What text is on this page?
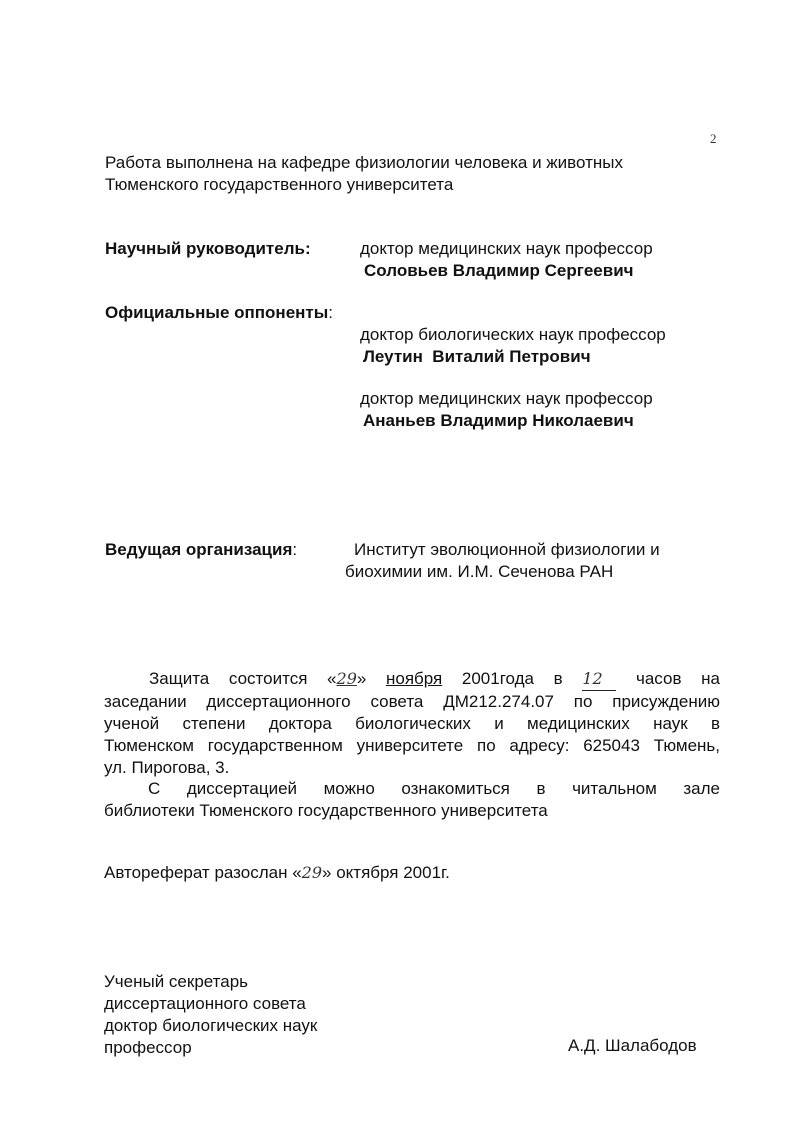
2
Работа выполнена на кафедре физиологии человека и животных
Тюменского государственного университета
Научный руководитель:	доктор медицинских наук профессор
Соловьев Владимир Сергеевич
Официальные оппоненты:
доктор биологических наук профессор
Леутин  Виталий Петрович
доктор медицинских наук профессор
Ананьев Владимир Николаевич
Ведущая организация:	Институт эволюционной физиологии и
биохимии им. И.М. Сеченова РАН
Защита состоится «29» ноября 2001года в 12 часов на
заседании диссертационного совета ДМ212.274.07 по присуждению
ученой степени доктора биологических и медицинских наук в
Тюменском государственном университете по адресу: 625043 Тюмень,
ул. Пирогова, 3.
С диссертацией можно ознакомиться в читальном зале
библиотеки Тюменского государственного университета
Автореферат разослан «29» октября 2001г.
Ученый секретарь
диссертационного совета
доктор биологических наук
профессор	А.Д. Шалабодов
